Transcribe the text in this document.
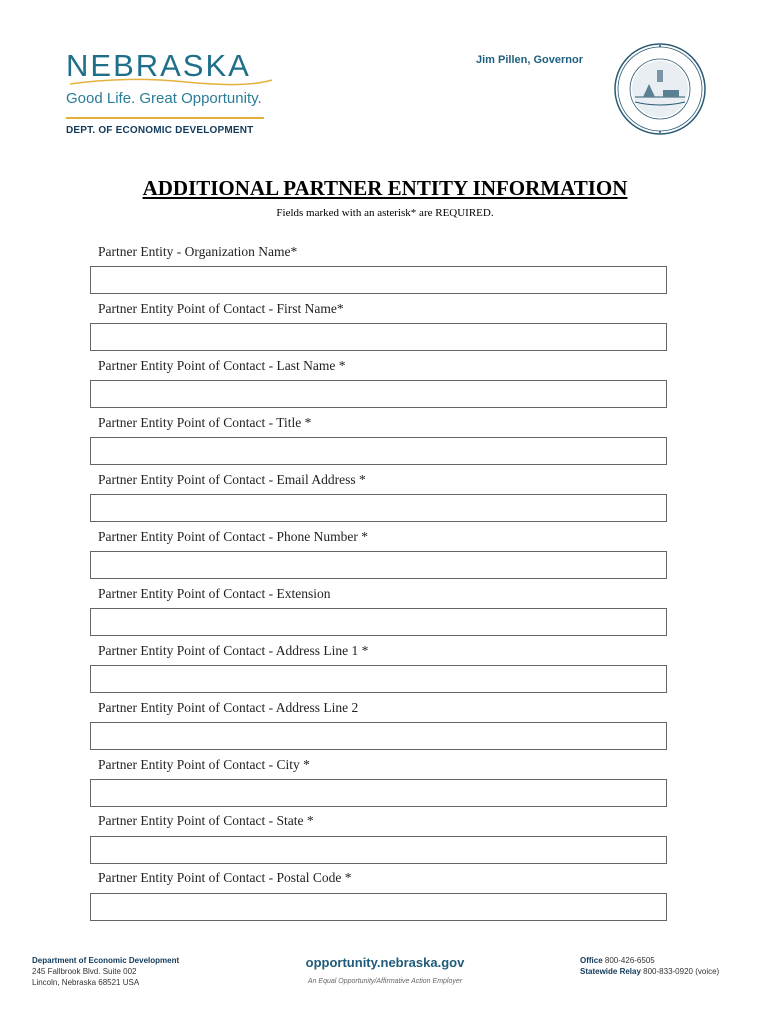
NEBRASKA
Good Life. Great Opportunity.
DEPT. OF ECONOMIC DEVELOPMENT
Jim Pillen, Governor
ADDITIONAL PARTNER ENTITY INFORMATION
Fields marked with an asterisk* are REQUIRED.
Partner Entity - Organization Name*
Partner Entity Point of Contact - First Name*
Partner Entity Point of Contact - Last Name *
Partner Entity Point of Contact - Title *
Partner Entity Point of Contact - Email Address *
Partner Entity Point of Contact - Phone Number *
Partner Entity Point of Contact - Extension
Partner Entity Point of Contact - Address Line 1 *
Partner Entity Point of Contact - Address Line 2
Partner Entity Point of Contact - City *
Partner Entity Point of Contact - State *
Partner Entity Point of Contact - Postal Code *
Department of Economic Development
245 Fallbrook Blvd. Suite 002
Lincoln, Nebraska 68521 USA
opportunity.nebraska.gov
An Equal Opportunity/Affirmative Action Employer
Office 800-426-6505
Statewide Relay 800-833-0920 (voice)
